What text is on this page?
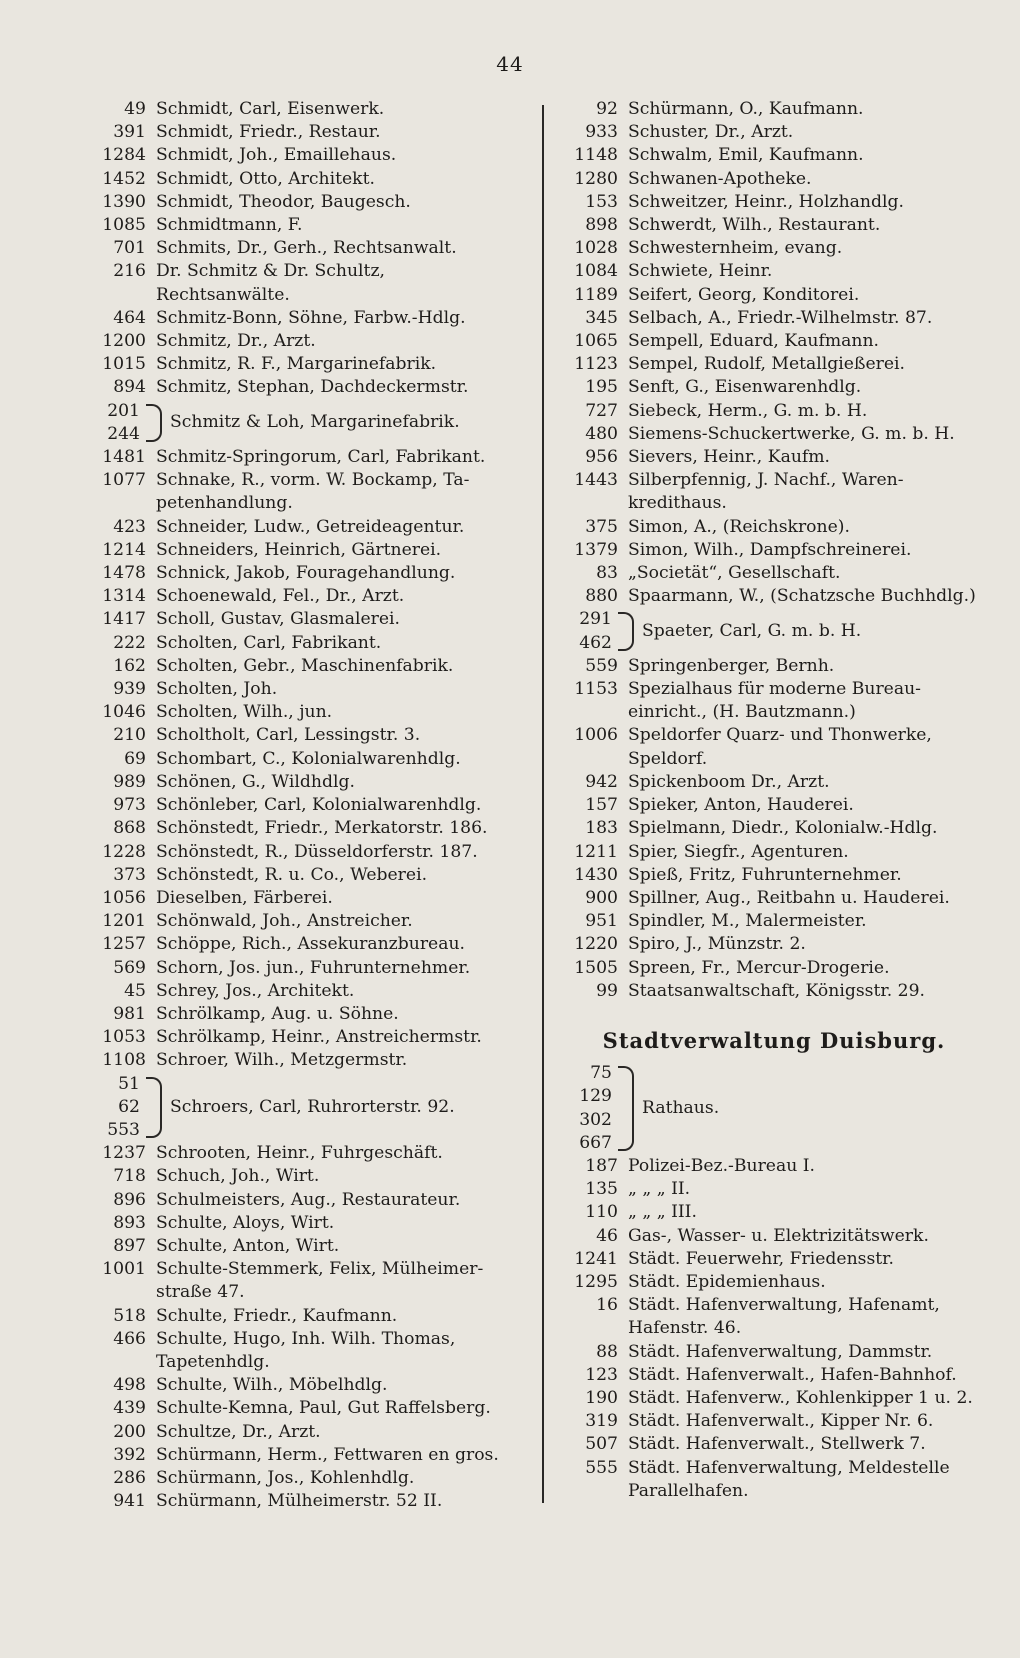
44
49 Schmidt, Carl, Eisenwerk.
391 Schmidt, Friedr., Restaur.
1284 Schmidt, Joh., Emaillehaus.
1452 Schmidt, Otto, Architekt.
1390 Schmidt, Theodor, Baugesch.
1085 Schmidtmann, F.
701 Schmits, Dr., Gerh., Rechtsanwalt.
216 Dr. Schmitz & Dr. Schultz,
Rechtsanwälte.
464 Schmitz-Bonn, Söhne, Farbw.-Hdlg.
1200 Schmitz, Dr., Arzt.
1015 Schmitz, R. F., Margarinefabrik.
894 Schmitz, Stephan, Dachdeckermstr.
201
244
Schmitz & Loh, Margarinefabrik.
1481 Schmitz-Springorum, Carl, Fabrikant.
1077 Schnake, R., vorm. W. Bockamp, Ta-
petenhandlung.
423 Schneider, Ludw., Getreideagentur.
1214 Schneiders, Heinrich, Gärtnerei.
1478 Schnick, Jakob, Fouragehandlung.
1314 Schoenewald, Fel., Dr., Arzt.
1417 Scholl, Gustav, Glasmalerei.
222 Scholten, Carl, Fabrikant.
162 Scholten, Gebr., Maschinenfabrik.
939 Scholten, Joh.
1046 Scholten, Wilh., jun.
210 Scholtholt, Carl, Lessingstr. 3.
69 Schombart, C., Kolonialwarenhdlg.
989 Schönen, G., Wildhdlg.
973 Schönleber, Carl, Kolonialwarenhdlg.
868 Schönstedt, Friedr., Merkatorstr. 186.
1228 Schönstedt, R., Düsseldorferstr. 187.
373 Schönstedt, R. u. Co., Weberei.
1056 Dieselben, Färberei.
1201 Schönwald, Joh., Anstreicher.
1257 Schöppe, Rich., Assekuranzbureau.
569 Schorn, Jos. jun., Fuhrunternehmer.
45 Schrey, Jos., Architekt.
981 Schrölkamp, Aug. u. Söhne.
1053 Schrölkamp, Heinr., Anstreichermstr.
1108 Schroer, Wilh., Metzgermstr.
51
62
553
Schroers, Carl, Ruhrorterstr. 92.
1237 Schrooten, Heinr., Fuhrgeschäft.
718 Schuch, Joh., Wirt.
896 Schulmeisters, Aug., Restaurateur.
893 Schulte, Aloys, Wirt.
897 Schulte, Anton, Wirt.
1001 Schulte-Stemmerk, Felix, Mülheimer-
straße 47.
518 Schulte, Friedr., Kaufmann.
466 Schulte, Hugo, Inh. Wilh. Thomas,
Tapetenhdlg.
498 Schulte, Wilh., Möbelhdlg.
439 Schulte-Kemna, Paul, Gut Raffelsberg.
200 Schultze, Dr., Arzt.
392 Schürmann, Herm., Fettwaren en gros.
286 Schürmann, Jos., Kohlenhdlg.
941 Schürmann, Mülheimerstr. 52 II.
92 Schürmann, O., Kaufmann.
933 Schuster, Dr., Arzt.
1148 Schwalm, Emil, Kaufmann.
1280 Schwanen-Apotheke.
153 Schweitzer, Heinr., Holzhandlg.
898 Schwerdt, Wilh., Restaurant.
1028 Schwesternheim, evang.
1084 Schwiete, Heinr.
1189 Seifert, Georg, Konditorei.
345 Selbach, A., Friedr.-Wilhelmstr. 87.
1065 Sempell, Eduard, Kaufmann.
1123 Sempel, Rudolf, Metallgießerei.
195 Senft, G., Eisenwarenhdlg.
727 Siebeck, Herm., G. m. b. H.
480 Siemens-Schuckertwerke, G. m. b. H.
956 Sievers, Heinr., Kaufm.
1443 Silberpfennig, J. Nachf., Waren-
kredithaus.
375 Simon, A., (Reichskrone).
1379 Simon, Wilh., Dampfschreinerei.
83 „Societät“, Gesellschaft.
880 Spaarmann, W., (Schatzsche Buchhdlg.)
291
462
Spaeter, Carl, G. m. b. H.
559 Springenberger, Bernh.
1153 Spezialhaus für moderne Bureau-
einricht., (H. Bautzmann.)
1006 Speldorfer Quarz- und Thonwerke,
Speldorf.
942 Spickenboom Dr., Arzt.
157 Spieker, Anton, Hauderei.
183 Spielmann, Diedr., Kolonialw.-Hdlg.
1211 Spier, Siegfr., Agenturen.
1430 Spieß, Fritz, Fuhrunternehmer.
900 Spillner, Aug., Reitbahn u. Hauderei.
951 Spindler, M., Malermeister.
1220 Spiro, J., Münzstr. 2.
1505 Spreen, Fr., Mercur-Drogerie.
99 Staatsanwaltschaft, Königsstr. 29.
Stadtverwaltung Duisburg.
75
129
302
667
Rathaus.
187 Polizei-Bez.-Bureau I.
135 „ „ „ II.
110 „ „ „ III.
46 Gas-, Wasser- u. Elektrizitätswerk.
1241 Städt. Feuerwehr, Friedensstr.
1295 Städt. Epidemienhaus.
16 Städt. Hafenverwaltung, Hafenamt,
Hafenstr. 46.
88 Städt. Hafenverwaltung, Dammstr.
123 Städt. Hafenverwalt., Hafen-Bahnhof.
190 Städt. Hafenverw., Kohlenkipper 1 u. 2.
319 Städt. Hafenverwalt., Kipper Nr. 6.
507 Städt. Hafenverwalt., Stellwerk 7.
555 Städt. Hafenverwaltung, Meldestelle
Parallelhafen.
